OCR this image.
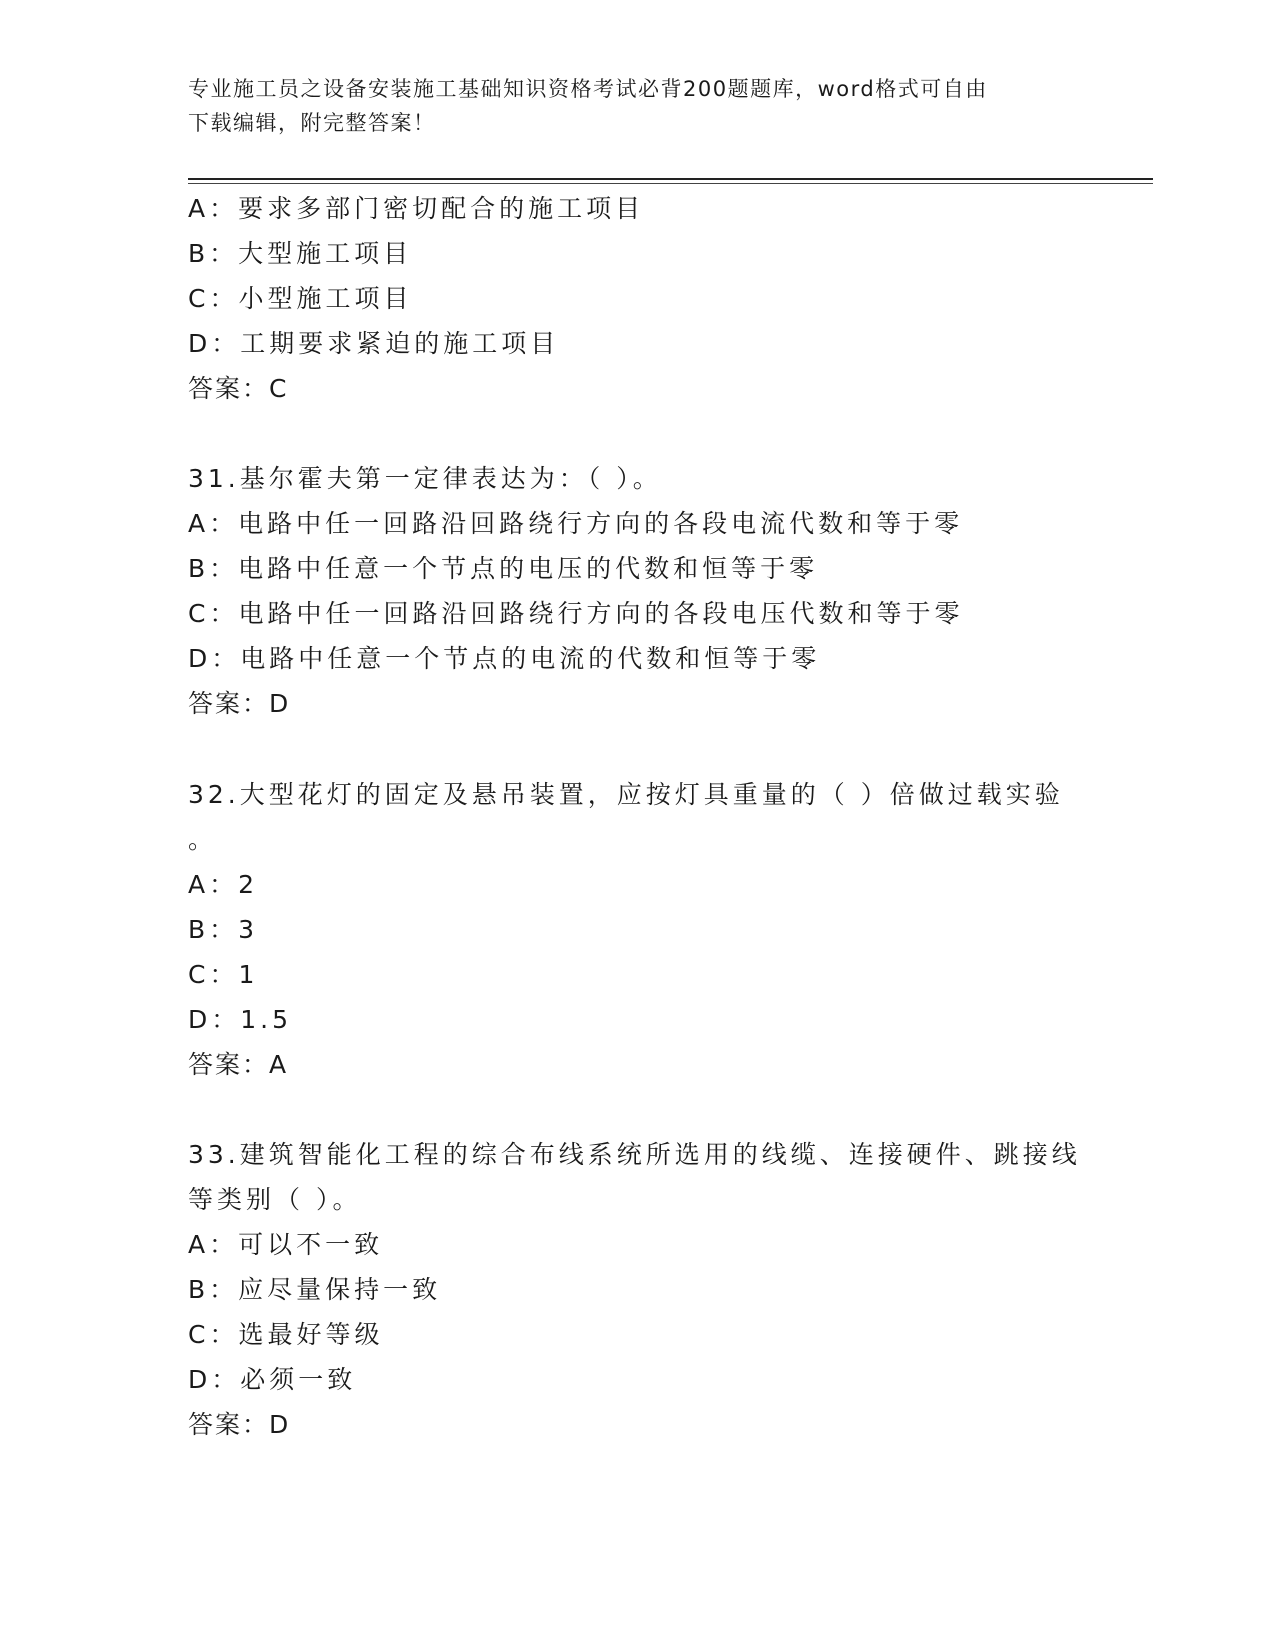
专业施工员之设备安装施工基础知识资格考试必背200题题库，word格式可自由
下载编辑，附完整答案！
A：要求多部门密切配合的施工项目
B：大型施工项目
C：小型施工项目
D：工期要求紧迫的施工项目
答案：C
31.基尔霍夫第一定律表达为：（ ）。
A：电路中任一回路沿回路绕行方向的各段电流代数和等于零
B：电路中任意一个节点的电压的代数和恒等于零
C：电路中任一回路沿回路绕行方向的各段电压代数和等于零
D：电路中任意一个节点的电流的代数和恒等于零
答案：D
32.大型花灯的固定及悬吊装置，应按灯具重量的（ ）倍做过载实验
。
A：2
B：3
C：1
D：1.5
答案：A
33.建筑智能化工程的综合布线系统所选用的线缆、连接硬件、跳接线
等类别（ ）。
A：可以不一致
B：应尽量保持一致
C：选最好等级
D：必须一致
答案：D
